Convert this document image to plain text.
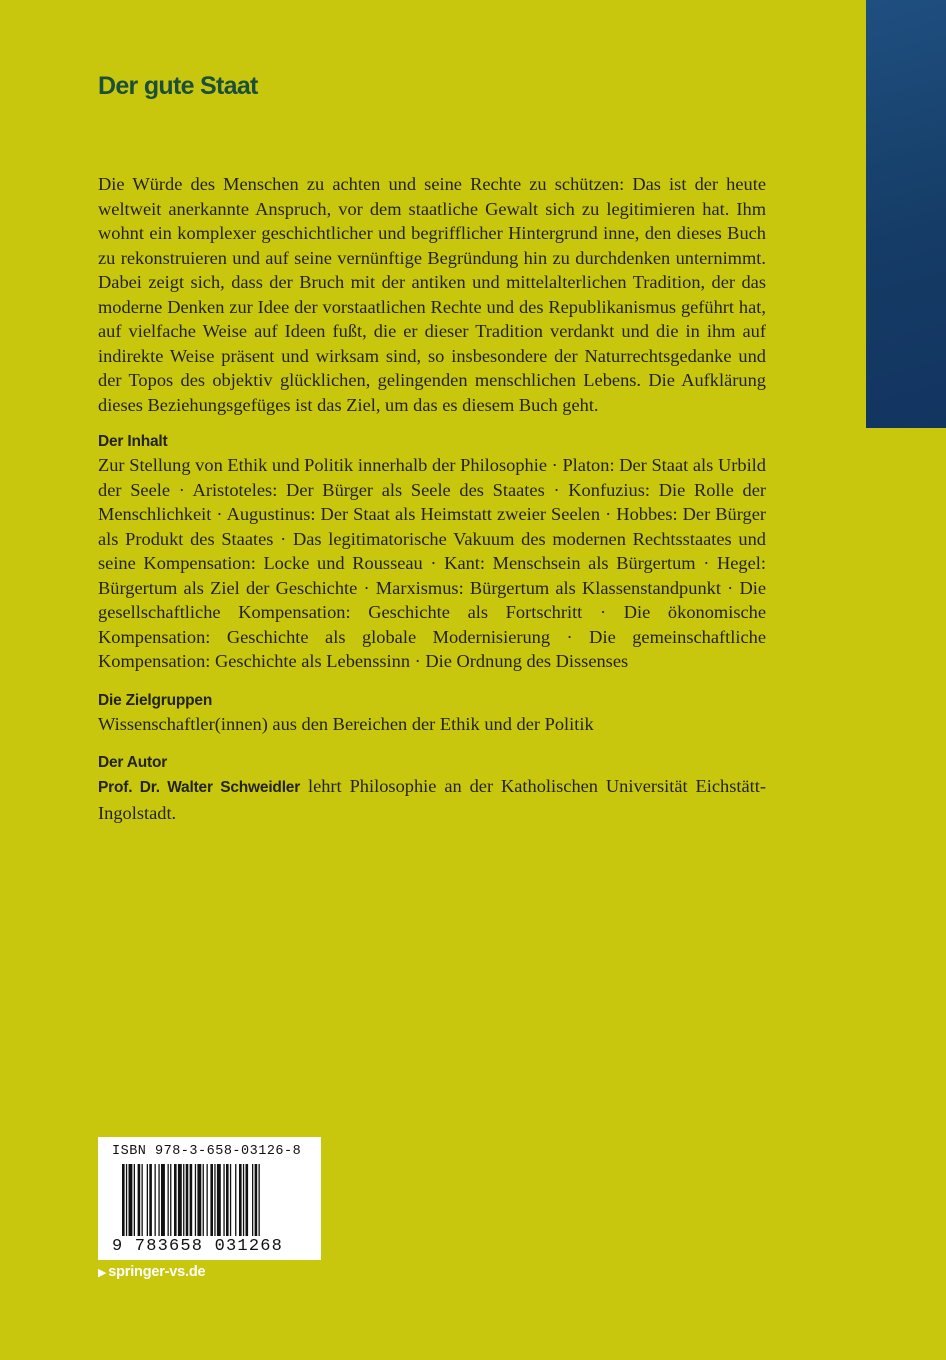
Der gute Staat

Die Würde des Menschen zu achten und seine Rechte zu schützen: Das ist der heute weltweit anerkannte Anspruch, vor dem staatliche Gewalt sich zu legitimieren hat. Ihm wohnt ein komplexer geschichtlicher und begrifflicher Hintergrund inne, den dieses Buch zu rekonstruieren und auf seine vernünftige Begründung hin zu durchdenken unternimmt. Dabei zeigt sich, dass der Bruch mit der antiken und mittelalterlichen Tradition, der das moderne Denken zur Idee der vorstaatlichen Rechte und des Republikanismus geführt hat, auf vielfache Weise auf Ideen fußt, die er dieser Tradition verdankt und die in ihm auf indirekte Weise präsent und wirksam sind, so insbesondere der Naturrechtsgedanke und der Topos des objektiv glücklichen, gelingenden menschlichen Lebens. Die Aufklärung dieses Beziehungsgefüges ist das Ziel, um das es diesem Buch geht.

Der Inhalt

Zur Stellung von Ethik und Politik innerhalb der Philosophie · Platon: Der Staat als Urbild der Seele · Aristoteles: Der Bürger als Seele des Staates · Konfuzius: Die Rolle der Menschlichkeit · Augustinus: Der Staat als Heimstatt zweier Seelen · Hobbes: Der Bürger als Produkt des Staates · Das legitimatorische Vakuum des modernen Rechtsstaates und seine Kompensation: Locke und Rousseau · Kant: Menschsein als Bürgertum · Hegel: Bürgertum als Ziel der Geschichte · Marxismus: Bürgertum als Klassenstandpunkt · Die gesellschaftliche Kompensation: Geschichte als Fortschritt · Die ökonomische Kompensation: Geschichte als globale Modernisierung · Die gemeinschaftliche Kompensation: Geschichte als Lebenssinn · Die Ordnung des Dissenses

Die Zielgruppen

Wissenschaftler(innen) aus den Bereichen der Ethik und der Politik

Der Autor

Prof. Dr. Walter Schweidler lehrt Philosophie an der Katholischen Universität Eichstätt-Ingolstadt.

ISBN 978-3-658-03126-8
9 783658 031268
▶ springer-vs.de
